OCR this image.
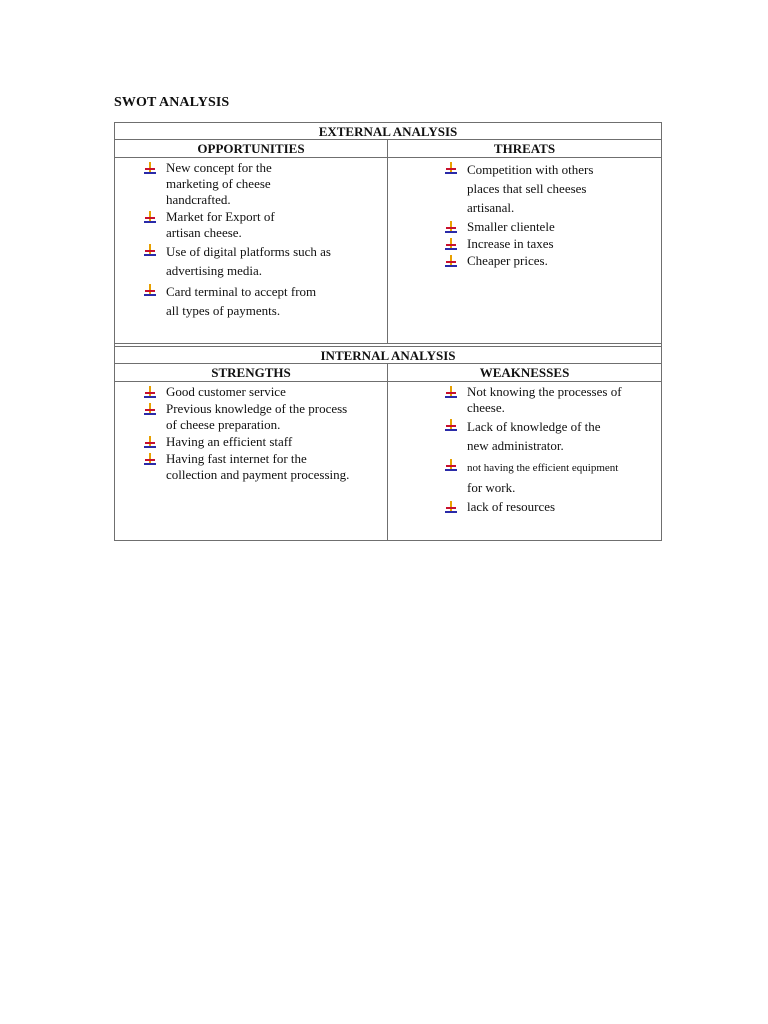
SWOT ANALYSIS
EXTERNAL ANALYSIS
OPPORTUNITIES	THREATS
New concept for the
marketing of cheese
handcrafted.
Market for Export of
artisan cheese.
Use of digital platforms such as
advertising media.
Card terminal to accept from
all types of payments.
Competition with others
places that sell cheeses
artisanal.
Smaller clientele
Increase in taxes
Cheaper prices.
INTERNAL ANALYSIS
STRENGTHS	WEAKNESSES
Good customer service
Previous knowledge of the process
of cheese preparation.
Having an efficient staff
Having fast internet for the
collection and payment processing.
Not knowing the processes of
cheese.
Lack of knowledge of the
new administrator.
not having the efficient equipment
for work.
lack of resources
